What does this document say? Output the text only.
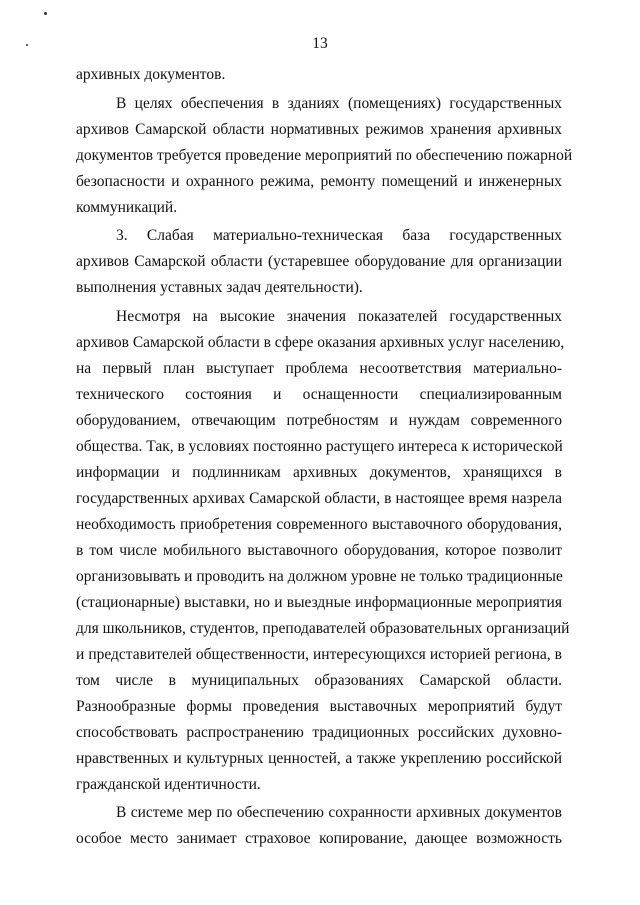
13
архивных документов.
В целях обеспечения в зданиях (помещениях) государственных
архивов Самарской области нормативных режимов хранения архивных
документов требуется проведение мероприятий по обеспечению пожарной
безопасности и охранного режима, ремонту помещений и инженерных
коммуникаций.
3. Слабая материально-техническая база государственных
архивов Самарской области (устаревшее оборудование для организации
выполнения уставных задач деятельности).
Несмотря на высокие значения показателей государственных
архивов Самарской области в сфере оказания архивных услуг населению,
на первый план выступает проблема несоответствия материально-
технического состояния и оснащенности специализированным
оборудованием, отвечающим потребностям и нуждам современного
общества. Так, в условиях постоянно растущего интереса к исторической
информации и подлинникам архивных документов, хранящихся в
государственных архивах Самарской области, в настоящее время назрела
необходимость приобретения современного выставочного оборудования,
в том числе мобильного выставочного оборудования, которое позволит
организовывать и проводить на должном уровне не только традиционные
(стационарные) выставки, но и выездные информационные мероприятия
для школьников, студентов, преподавателей образовательных организаций
и представителей общественности, интересующихся историей региона, в
том числе в муниципальных образованиях Самарской области.
Разнообразные формы проведения выставочных мероприятий будут
способствовать распространению традиционных российских духовно-
нравственных и культурных ценностей, а также укреплению российской
гражданской идентичности.
В системе мер по обеспечению сохранности архивных документов
особое место занимает страховое копирование, дающее возможность
